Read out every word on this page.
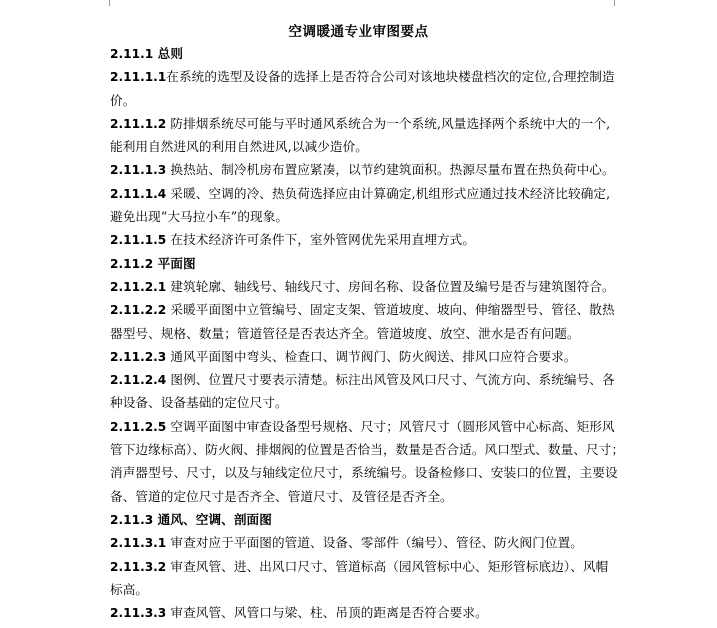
空调暖通专业审图要点
2.11.1 总则
2.11.1.1在系统的选型及设备的选择上是否符合公司对该地块楼盘档次的定位,合理控制造
价。
2.11.1.2 防排烟系统尽可能与平时通风系统合为一个系统,风量选择两个系统中大的一个,
能利用自然进风的利用自然进风,以减少造价。
2.11.1.3 换热站、制冷机房布置应紧凑，以节约建筑面积。热源尽量布置在热负荷中心。
2.11.1.4 采暖、空调的冷、热负荷选择应由计算确定,机组形式应通过技术经济比较确定,
避免出现“大马拉小车”的现象。
2.11.1.5 在技术经济许可条件下，室外管网优先采用直埋方式。
2.11.2 平面图
2.11.2.1 建筑轮廓、轴线号、轴线尺寸、房间名称、设备位置及编号是否与建筑图符合。
2.11.2.2 采暖平面图中立管编号、固定支架、管道坡度、坡向、伸缩器型号、管径、散热
器型号、规格、数量；管道管径是否表达齐全。管道坡度、放空、泄水是否有问题。
2.11.2.3 通风平面图中弯头、检查口、调节阀门、防火阀送、排风口应符合要求。
2.11.2.4 图例、位置尺寸要表示清楚。标注出风管及风口尺寸、气流方向、系统编号、各
种设备、设备基础的定位尺寸。
2.11.2.5 空调平面图中审查设备型号规格、尺寸；风管尺寸（圆形风管中心标高、矩形风
管下边缘标高）、防火阀、排烟阀的位置是否恰当，数量是否合适。风口型式、数量、尺寸；
消声器型号、尺寸，以及与轴线定位尺寸，系统编号。设备检修口、安装口的位置，主要设
备、管道的定位尺寸是否齐全、管道尺寸、及管径是否齐全。
2.11.3 通风、空调、剖面图
2.11.3.1 审查对应于平面图的管道、设备、零部件（编号）、管径、防火阀门位置。
2.11.3.2 审查风管、进、出风口尺寸、管道标高（园风管标中心、矩形管标底边）、风帽
标高。
2.11.3.3 审查风管、风管口与梁、柱、吊顶的距离是否符合要求。
